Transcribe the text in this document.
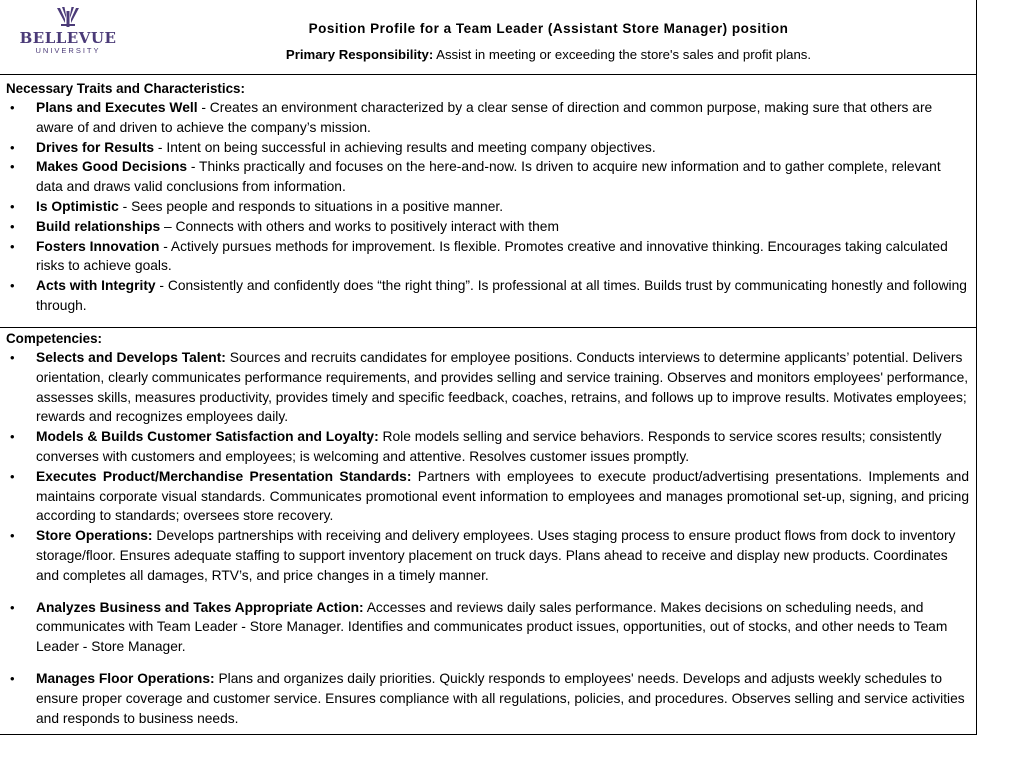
BELLEVUE
UNIVERSITY
Position Profile for a Team Leader (Assistant Store Manager) position
Primary Responsibility: Assist in meeting or exceeding the store's sales and profit plans.
Necessary Traits and Characteristics:
• Plans and Executes Well - Creates an environment characterized by a clear sense of direction and common purpose, making sure that others are aware of and driven to achieve the company’s mission.
• Drives for Results - Intent on being successful in achieving results and meeting company objectives.
• Makes Good Decisions - Thinks practically and focuses on the here-and-now. Is driven to acquire new information and to gather complete, relevant data and draws valid conclusions from information.
• Is Optimistic - Sees people and responds to situations in a positive manner.
• Build relationships – Connects with others and works to positively interact with them
• Fosters Innovation - Actively pursues methods for improvement. Is flexible. Promotes creative and innovative thinking. Encourages taking calculated risks to achieve goals.
• Acts with Integrity - Consistently and confidently does “the right thing”. Is professional at all times. Builds trust by communicating honestly and following through.
Competencies:
• Selects and Develops Talent: Sources and recruits candidates for employee positions. Conducts interviews to determine applicants’ potential. Delivers orientation, clearly communicates performance requirements, and provides selling and service training. Observes and monitors employees' performance, assesses skills, measures productivity, provides timely and specific feedback, coaches, retrains, and follows up to improve results. Motivates employees; rewards and recognizes employees daily.
• Models & Builds Customer Satisfaction and Loyalty: Role models selling and service behaviors. Responds to service scores results; consistently converses with customers and employees; is welcoming and attentive. Resolves customer issues promptly.
• Executes Product/Merchandise Presentation Standards: Partners with employees to execute product/advertising presentations. Implements and maintains corporate visual standards. Communicates promotional event information to employees and manages promotional set-up, signing, and pricing according to standards; oversees store recovery.
• Store Operations: Develops partnerships with receiving and delivery employees. Uses staging process to ensure product flows from dock to inventory storage/floor. Ensures adequate staffing to support inventory placement on truck days. Plans ahead to receive and display new products. Coordinates and completes all damages, RTV’s, and price changes in a timely manner.
• Analyzes Business and Takes Appropriate Action: Accesses and reviews daily sales performance. Makes decisions on scheduling needs, and communicates with Team Leader - Store Manager. Identifies and communicates product issues, opportunities, out of stocks, and other needs to Team Leader - Store Manager.
• Manages Floor Operations: Plans and organizes daily priorities. Quickly responds to employees' needs. Develops and adjusts weekly schedules to ensure proper coverage and customer service. Ensures compliance with all regulations, policies, and procedures. Observes selling and service activities and responds to business needs.
